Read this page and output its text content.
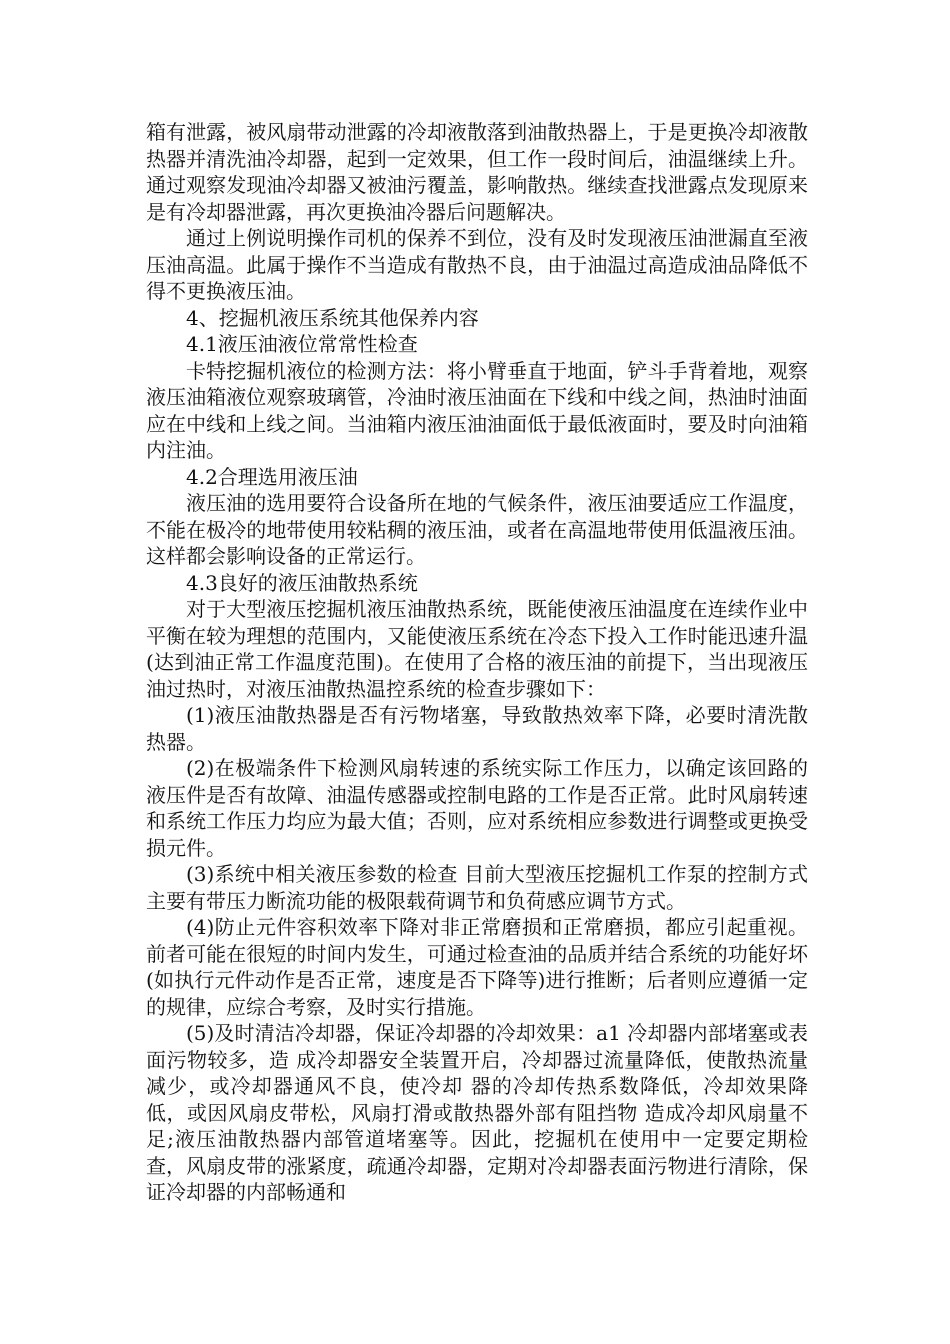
箱有泄露，被风扇带动泄露的冷却液散落到油散热器上，于是更换冷却液散热器并清洗油冷却器，起到一定效果，但工作一段时间后，油温继续上升。通过观察发现油冷却器又被油污覆盖，影响散热。继续查找泄露点发现原来是有冷却器泄露，再次更换油冷器后问题解决。

通过上例说明操作司机的保养不到位，没有及时发现液压油泄漏直至液压油高温。此属于操作不当造成有散热不良，由于油温过高造成油品降低不得不更换液压油。

4、挖掘机液压系统其他保养内容

4.1液压油液位常常性检查

卡特挖掘机液位的检测方法：将小臂垂直于地面，铲斗手背着地，观察液压油箱液位观察玻璃管，冷油时液压油面在下线和中线之间，热油时油面应在中线和上线之间。当油箱内液压油油面低于最低液面时，要及时向油箱内注油。

4.2合理选用液压油

液压油的选用要符合设备所在地的气候条件，液压油要适应工作温度，不能在极冷的地带使用较粘稠的液压油，或者在高温地带使用低温液压油。这样都会影响设备的正常运行。

4.3良好的液压油散热系统

对于大型液压挖掘机液压油散热系统，既能使液压油温度在连续作业中平衡在较为理想的范围内，又能使液压系统在冷态下投入工作时能迅速升温(达到油正常工作温度范围)。在使用了合格的液压油的前提下，当出现液压油过热时，对液压油散热温控系统的检查步骤如下：

(1)液压油散热器是否有污物堵塞，导致散热效率下降，必要时清洗散热器。

(2)在极端条件下检测风扇转速的系统实际工作压力，以确定该回路的液压件是否有故障、油温传感器或控制电路的工作是否正常。此时风扇转速和系统工作压力均应为最大值；否则，应对系统相应参数进行调整或更换受损元件。

(3)系统中相关液压参数的检查 目前大型液压挖掘机工作泵的控制方式主要有带压力断流功能的极限载荷调节和负荷感应调节方式。

(4)防止元件容积效率下降对非正常磨损和正常磨损，都应引起重视。前者可能在很短的时间内发生，可通过检查油的品质并结合系统的功能好坏(如执行元件动作是否正常，速度是否下降等)进行推断；后者则应遵循一定的规律，应综合考察，及时实行措施。

(5)及时清洁冷却器，保证冷却器的冷却效果：a1 冷却器内部堵塞或表面污物较多，造 成冷却器安全装置开启，冷却器过流量降低，使散热流量减少，或冷却器通风不良，使冷却 器的冷却传热系数降低，冷却效果降低，或因风扇皮带松，风扇打滑或散热器外部有阻挡物 造成冷却风扇量不足;液压油散热器内部管道堵塞等。因此，挖掘机在使用中一定要定期检查，风扇皮带的涨紧度，疏通冷却器，定期对冷却器表面污物进行清除，保证冷却器的内部畅通和
